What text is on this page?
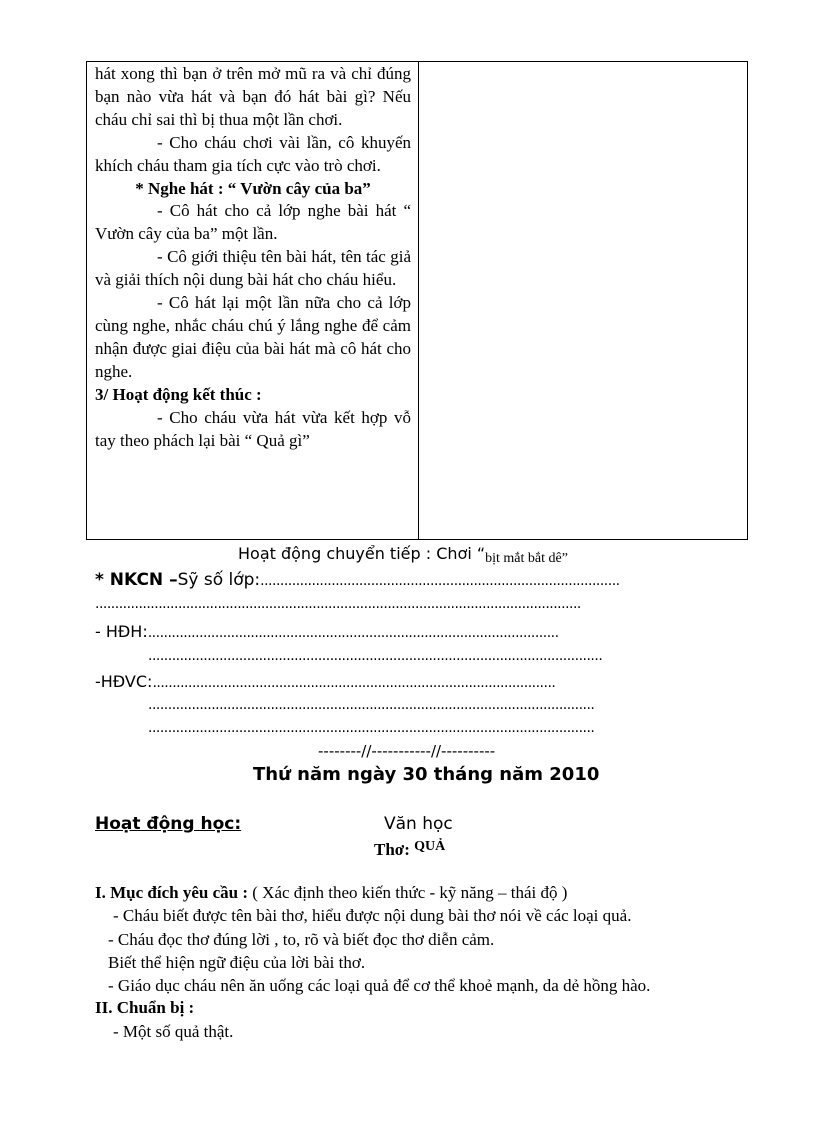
hát xong thì bạn ở trên mở mũ ra và chỉ đúng bạn nào vừa hát và bạn đó hát bài gì? Nếu cháu chỉ sai thì bị thua một lần chơi.

- Cho cháu chơi vài lần, cô khuyến khích cháu tham gia tích cực vào trò chơi.

* Nghe hát : “ Vườn cây của ba”

- Cô hát cho cả lớp nghe bài hát “ Vườn cây của ba” một lần.

- Cô giới thiệu tên bài hát, tên tác giả và giải thích nội dung bài hát cho cháu hiểu.

- Cô hát lại một lần nữa cho cả lớp cùng nghe, nhắc cháu chú ý lắng nghe để cảm nhận được giai điệu của bài hát mà cô hát cho nghe.

3/ Hoạt động kết thúc :

- Cho cháu vừa hát vừa kết hợp vỗ tay theo phách lại bài “ Quả gì”

Hoạt động chuyển tiếp : Chơi “bịt mắt bắt dê”
* NKCN –Sỹ số lớp:...........................................................................................
...........................................................................................................................
- HĐH:........................................................................................................
...................................................................................................................
-HĐVC:......................................................................................................
.................................................................................................................
.................................................................................................................
--------//-----------//----------
Thứ năm ngày 30 tháng năm 2010
Hoạt động học:	Văn học
Thơ: $^{QUẢ}$
I. Mục đích yêu cầu : ( Xác định theo kiến thức - kỹ năng – thái độ )
- Cháu biết được tên bài thơ, hiểu được nội dung bài thơ nói về các loại quả.
- Cháu đọc thơ đúng lời , to, rõ và biết đọc thơ diễn cảm.
Biết thể hiện ngữ điệu của lời bài thơ.
- Giáo dục cháu nên ăn uống các loại quả để cơ thể khoẻ mạnh, da dẻ hồng hào.
II. Chuẩn bị :
- Một số quả thật.
